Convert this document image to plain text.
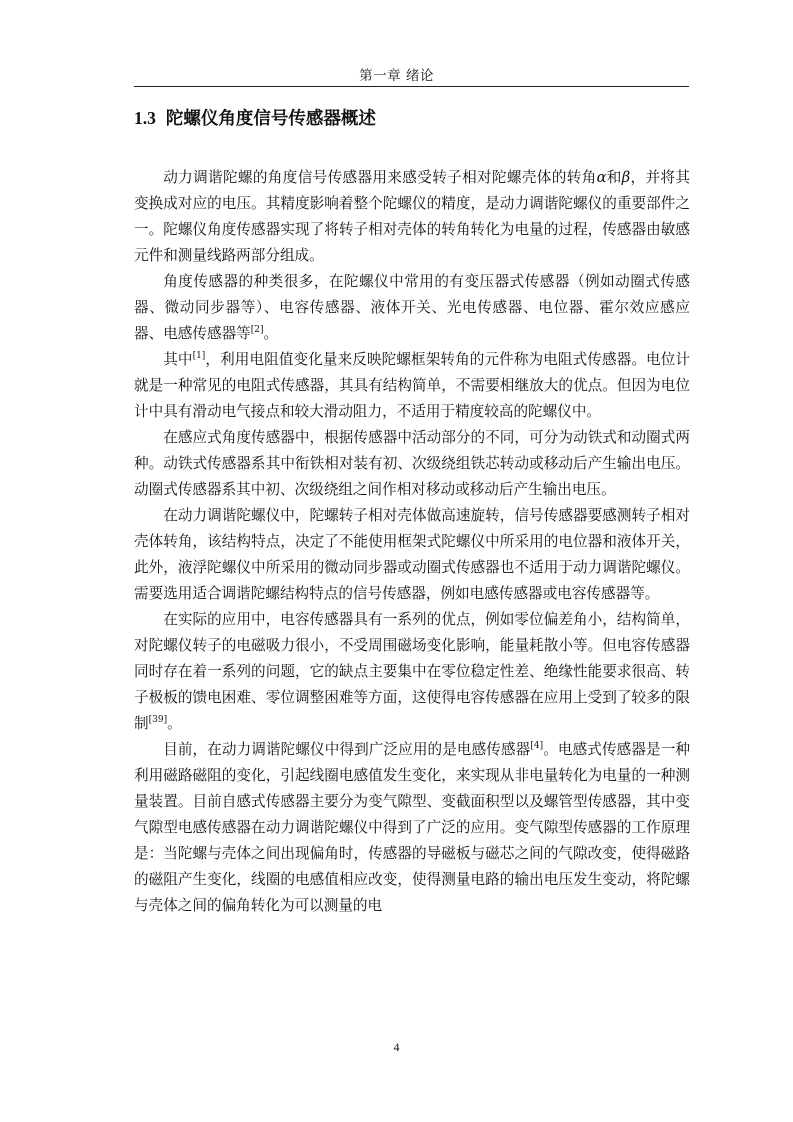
第一章 绪论
1.3 陀螺仪角度信号传感器概述

动力调谐陀螺的角度信号传感器用来感受转子相对陀螺壳体的转角α和β，并将其变换成对应的电压。其精度影响着整个陀螺仪的精度，是动力调谐陀螺仪的重要部件之一。陀螺仪角度传感器实现了将转子相对壳体的转角转化为电量的过程，传感器由敏感元件和测量线路两部分组成。

角度传感器的种类很多，在陀螺仪中常用的有变压器式传感器（例如动圈式传感器、微动同步器等）、电容传感器、液体开关、光电传感器、电位器、霍尔效应感应器、电感传感器等[2]。

其中[1]，利用电阻值变化量来反映陀螺框架转角的元件称为电阻式传感器。电位计就是一种常见的电阻式传感器，其具有结构简单，不需要相继放大的优点。但因为电位计中具有滑动电气接点和较大滑动阻力，不适用于精度较高的陀螺仪中。

在感应式角度传感器中，根据传感器中活动部分的不同，可分为动铁式和动圈式两种。动铁式传感器系其中衔铁相对装有初、次级绕组铁芯转动或移动后产生输出电压。动圈式传感器系其中初、次级绕组之间作相对移动或移动后产生输出电压。

在动力调谐陀螺仪中，陀螺转子相对壳体做高速旋转，信号传感器要感测转子相对壳体转角，该结构特点，决定了不能使用框架式陀螺仪中所采用的电位器和液体开关，此外，液浮陀螺仪中所采用的微动同步器或动圈式传感器也不适用于动力调谐陀螺仪。需要选用适合调谐陀螺结构特点的信号传感器，例如电感传感器或电容传感器等。

在实际的应用中，电容传感器具有一系列的优点，例如零位偏差角小，结构简单，对陀螺仪转子的电磁吸力很小，不受周围磁场变化影响，能量耗散小等。但电容传感器同时存在着一系列的问题，它的缺点主要集中在零位稳定性差、绝缘性能要求很高、转子极板的馈电困难、零位调整困难等方面，这使得电容传感器在应用上受到了较多的限制[39]。

目前，在动力调谐陀螺仪中得到广泛应用的是电感传感器[4]。电感式传感器是一种利用磁路磁阻的变化，引起线圈电感值发生变化，来实现从非电量转化为电量的一种测量装置。目前自感式传感器主要分为变气隙型、变截面积型以及螺管型传感器，其中变气隙型电感传感器在动力调谐陀螺仪中得到了广泛的应用。变气隙型传感器的工作原理是：当陀螺与壳体之间出现偏角时，传感器的导磁板与磁芯之间的气隙改变，使得磁路的磁阻产生变化，线圈的电感值相应改变，使得测量电路的输出电压发生变动，将陀螺与壳体之间的偏角转化为可以测量的电

4
